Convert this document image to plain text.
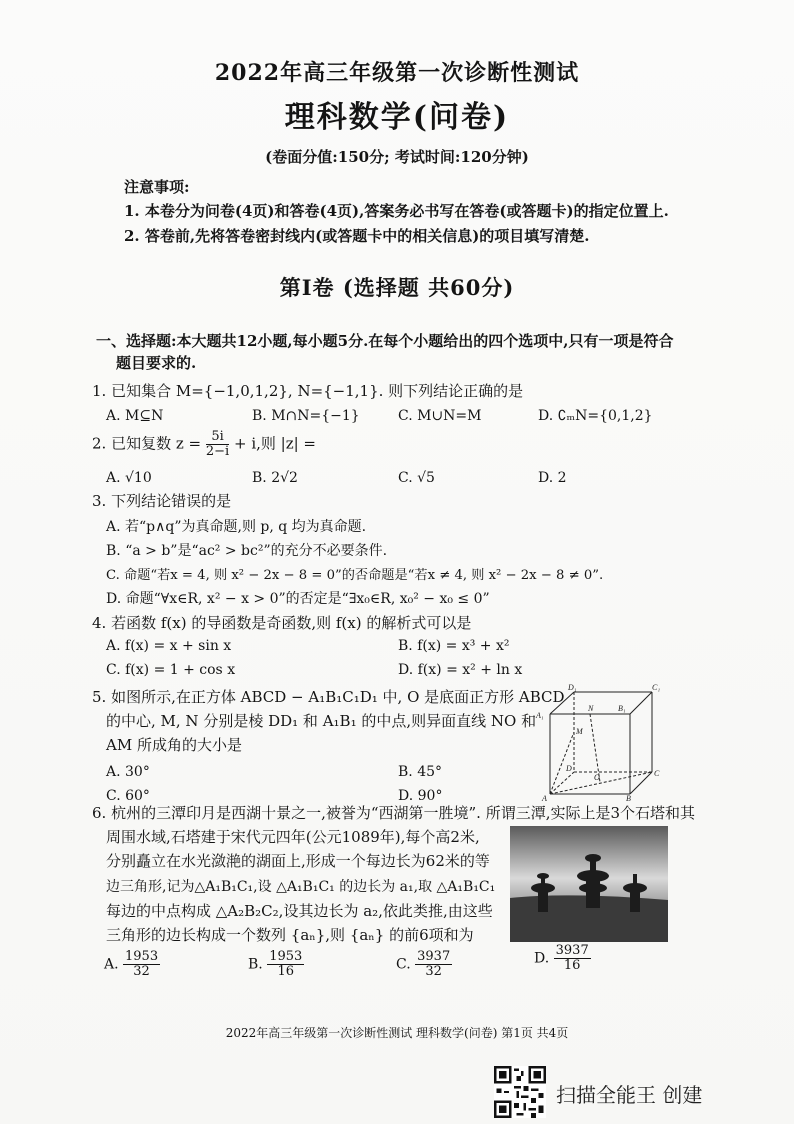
2022年高三年级第一次诊断性测试
理科数学(问卷)
(卷面分值:150分; 考试时间:120分钟)
注意事项:
1. 本卷分为问卷(4页)和答卷(4页),答案务必书写在答卷(或答题卡)的指定位置上.
2. 答卷前,先将答卷密封线内(或答题卡中的相关信息)的项目填写清楚.
第Ⅰ卷 (选择题 共60分)
一、选择题:本大题共12小题,每小题5分.在每个小题给出的四个选项中,只有一项是符合
题目要求的.
1. 已知集合 M={−1,0,1,2}, N={−1,1}. 则下列结论正确的是
A. M⊆N	B. M∩N={−1}	C. M∪N=M	D. ∁ₘN={0,1,2}
2. 已知复数 $z = \frac{5i}{2-i} + i$,则 |z| =
A. √10	B. 2√2	C. √5	D. 2
3. 下列结论错误的是
A. 若“p∧q”为真命题,则 p, q 均为真命题.
B. “a > b”是“ac² > bc²”的充分不必要条件.
C. 命题“若x = 4, 则 x² − 2x − 8 = 0”的否命题是“若x ≠ 4, 则 x² − 2x − 8 ≠ 0”.
D. 命题“∀x∈R, x² − x > 0”的否定是“∃x₀∈R, x₀² − x₀ ≤ 0”
4. 若函数 f(x) 的导函数是奇函数,则 f(x) 的解析式可以是
A. f(x) = x + sin x	B. f(x) = x³ + x²
C. f(x) = 1 + cos x	D. f(x) = x² + ln x
5. 如图所示,在正方体 ABCD − A₁B₁C₁D₁ 中, O 是底面正方形 ABCD
的中心, M, N 分别是棱 DD₁ 和 A₁B₁ 的中点,则异面直线 NO 和
AM 所成角的大小是
A. 30°	B. 45°
C. 60°	D. 90°
D₁	C₁
A₁
N	B₁
M
D
O	C
A	B
6. 杭州的三潭印月是西湖十景之一,被誉为“西湖第一胜境”. 所谓三潭,实际上是3个石塔和其
周围水域,石塔建于宋代元四年(公元1089年),每个高2米,
分别矗立在水光潋滟的湖面上,形成一个每边长为62米的等
边三角形,记为△A₁B₁C₁,设 △A₁B₁C₁ 的边长为 a₁,取 △A₁B₁C₁
每边的中点构成 △A₂B₂C₂,设其边长为 a₂,依此类推,由这些
三角形的边长构成一个数列 {aₙ},则 {aₙ} 的前6项和为
A. $\frac{1953}{32}$	B. $\frac{1953}{16}$	C. $\frac{3937}{32}$	D. $\frac{3937}{16}$
2022年高三年级第一次诊断性测试 理科数学(问卷) 第1页 共4页
扫描全能王 创建
